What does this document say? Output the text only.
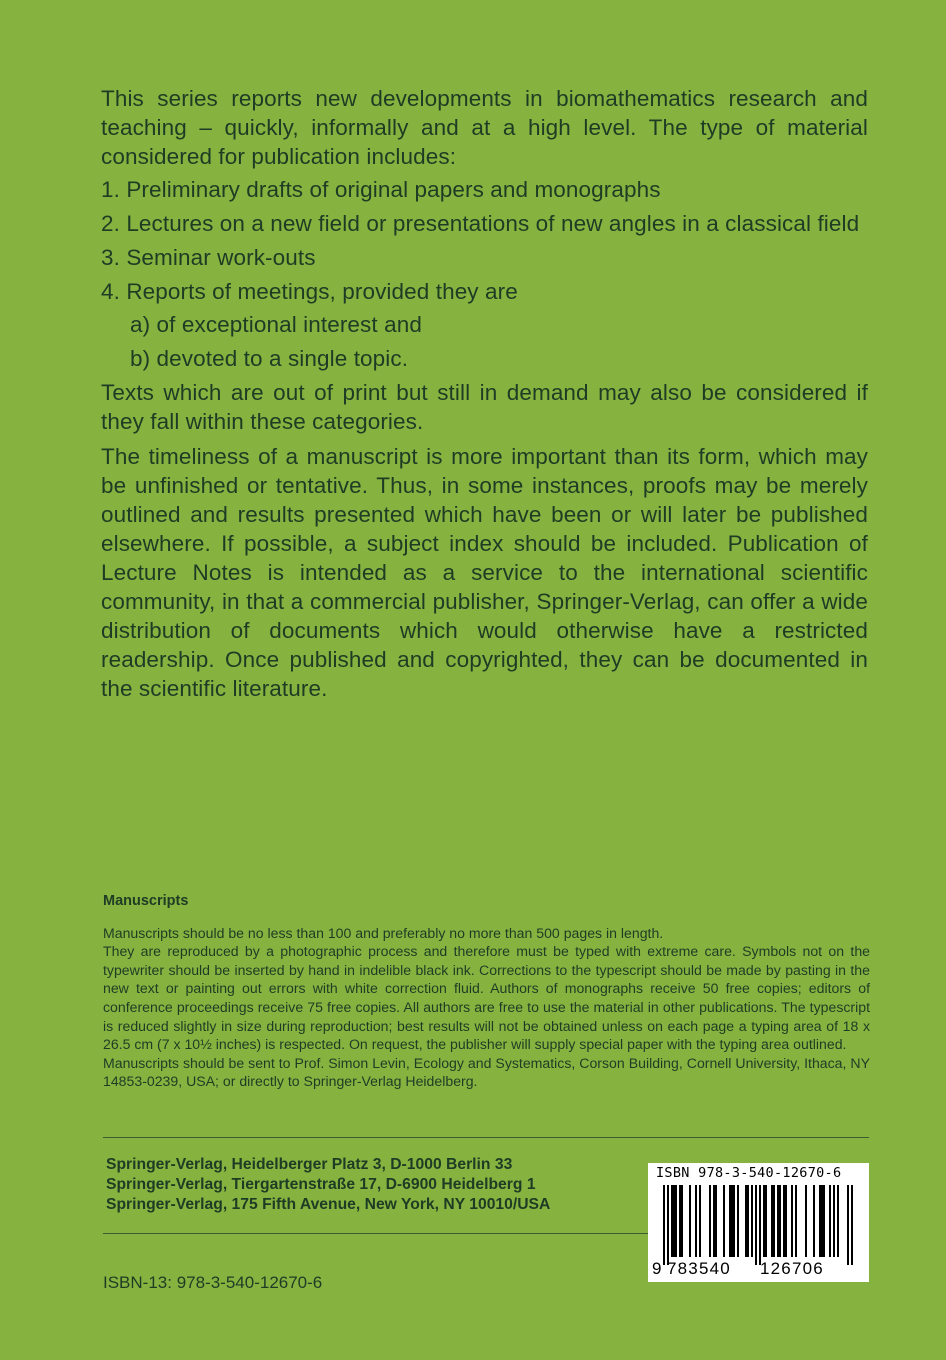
This series reports new developments in biomathematics research and teaching – quickly, informally and at a high level. The type of material considered for publication includes:

1. Preliminary drafts of original papers and monographs
2. Lectures on a new field or presentations of new angles in a classical field
3. Seminar work-outs
4. Reports of meetings, provided they are
a) of exceptional interest and
b) devoted to a single topic.

Texts which are out of print but still in demand may also be considered if they fall within these categories.

The timeliness of a manuscript is more important than its form, which may be unfinished or tentative. Thus, in some instances, proofs may be merely outlined and results presented which have been or will later be published elsewhere. If possible, a subject index should be included. Publication of Lecture Notes is intended as a service to the international scientific community, in that a commercial publisher, Springer-Verlag, can offer a wide distribution of documents which would otherwise have a restricted readership. Once published and copyrighted, they can be documented in the scientific literature.

Manuscripts

Manuscripts should be no less than 100 and preferably no more than 500 pages in length.

They are reproduced by a photographic process and therefore must be typed with extreme care. Symbols not on the typewriter should be inserted by hand in indelible black ink. Corrections to the typescript should be made by pasting in the new text or painting out errors with white correction fluid. Authors of monographs receive 50 free copies; editors of conference proceedings receive 75 free copies. All authors are free to use the material in other publications. The typescript is reduced slightly in size during reproduction; best results will not be obtained unless on each page a typing area of 18 x 26.5 cm (7 x 10½ inches) is respected. On request, the publisher will supply special paper with the typing area outlined.

Manuscripts should be sent to Prof. Simon Levin, Ecology and Systematics, Corson Building, Cornell University, Ithaca, NY 14853-0239, USA; or directly to Springer-Verlag Heidelberg.

Springer-Verlag, Heidelberger Platz 3, D-1000 Berlin 33
Springer-Verlag, Tiergartenstraße 17, D-6900 Heidelberg 1
Springer-Verlag, 175 Fifth Avenue, New York, NY 10010/USA
ISBN-13: 978-3-540-12670-6
ISBN 978-3-540-12670-6
9 783540 126706
